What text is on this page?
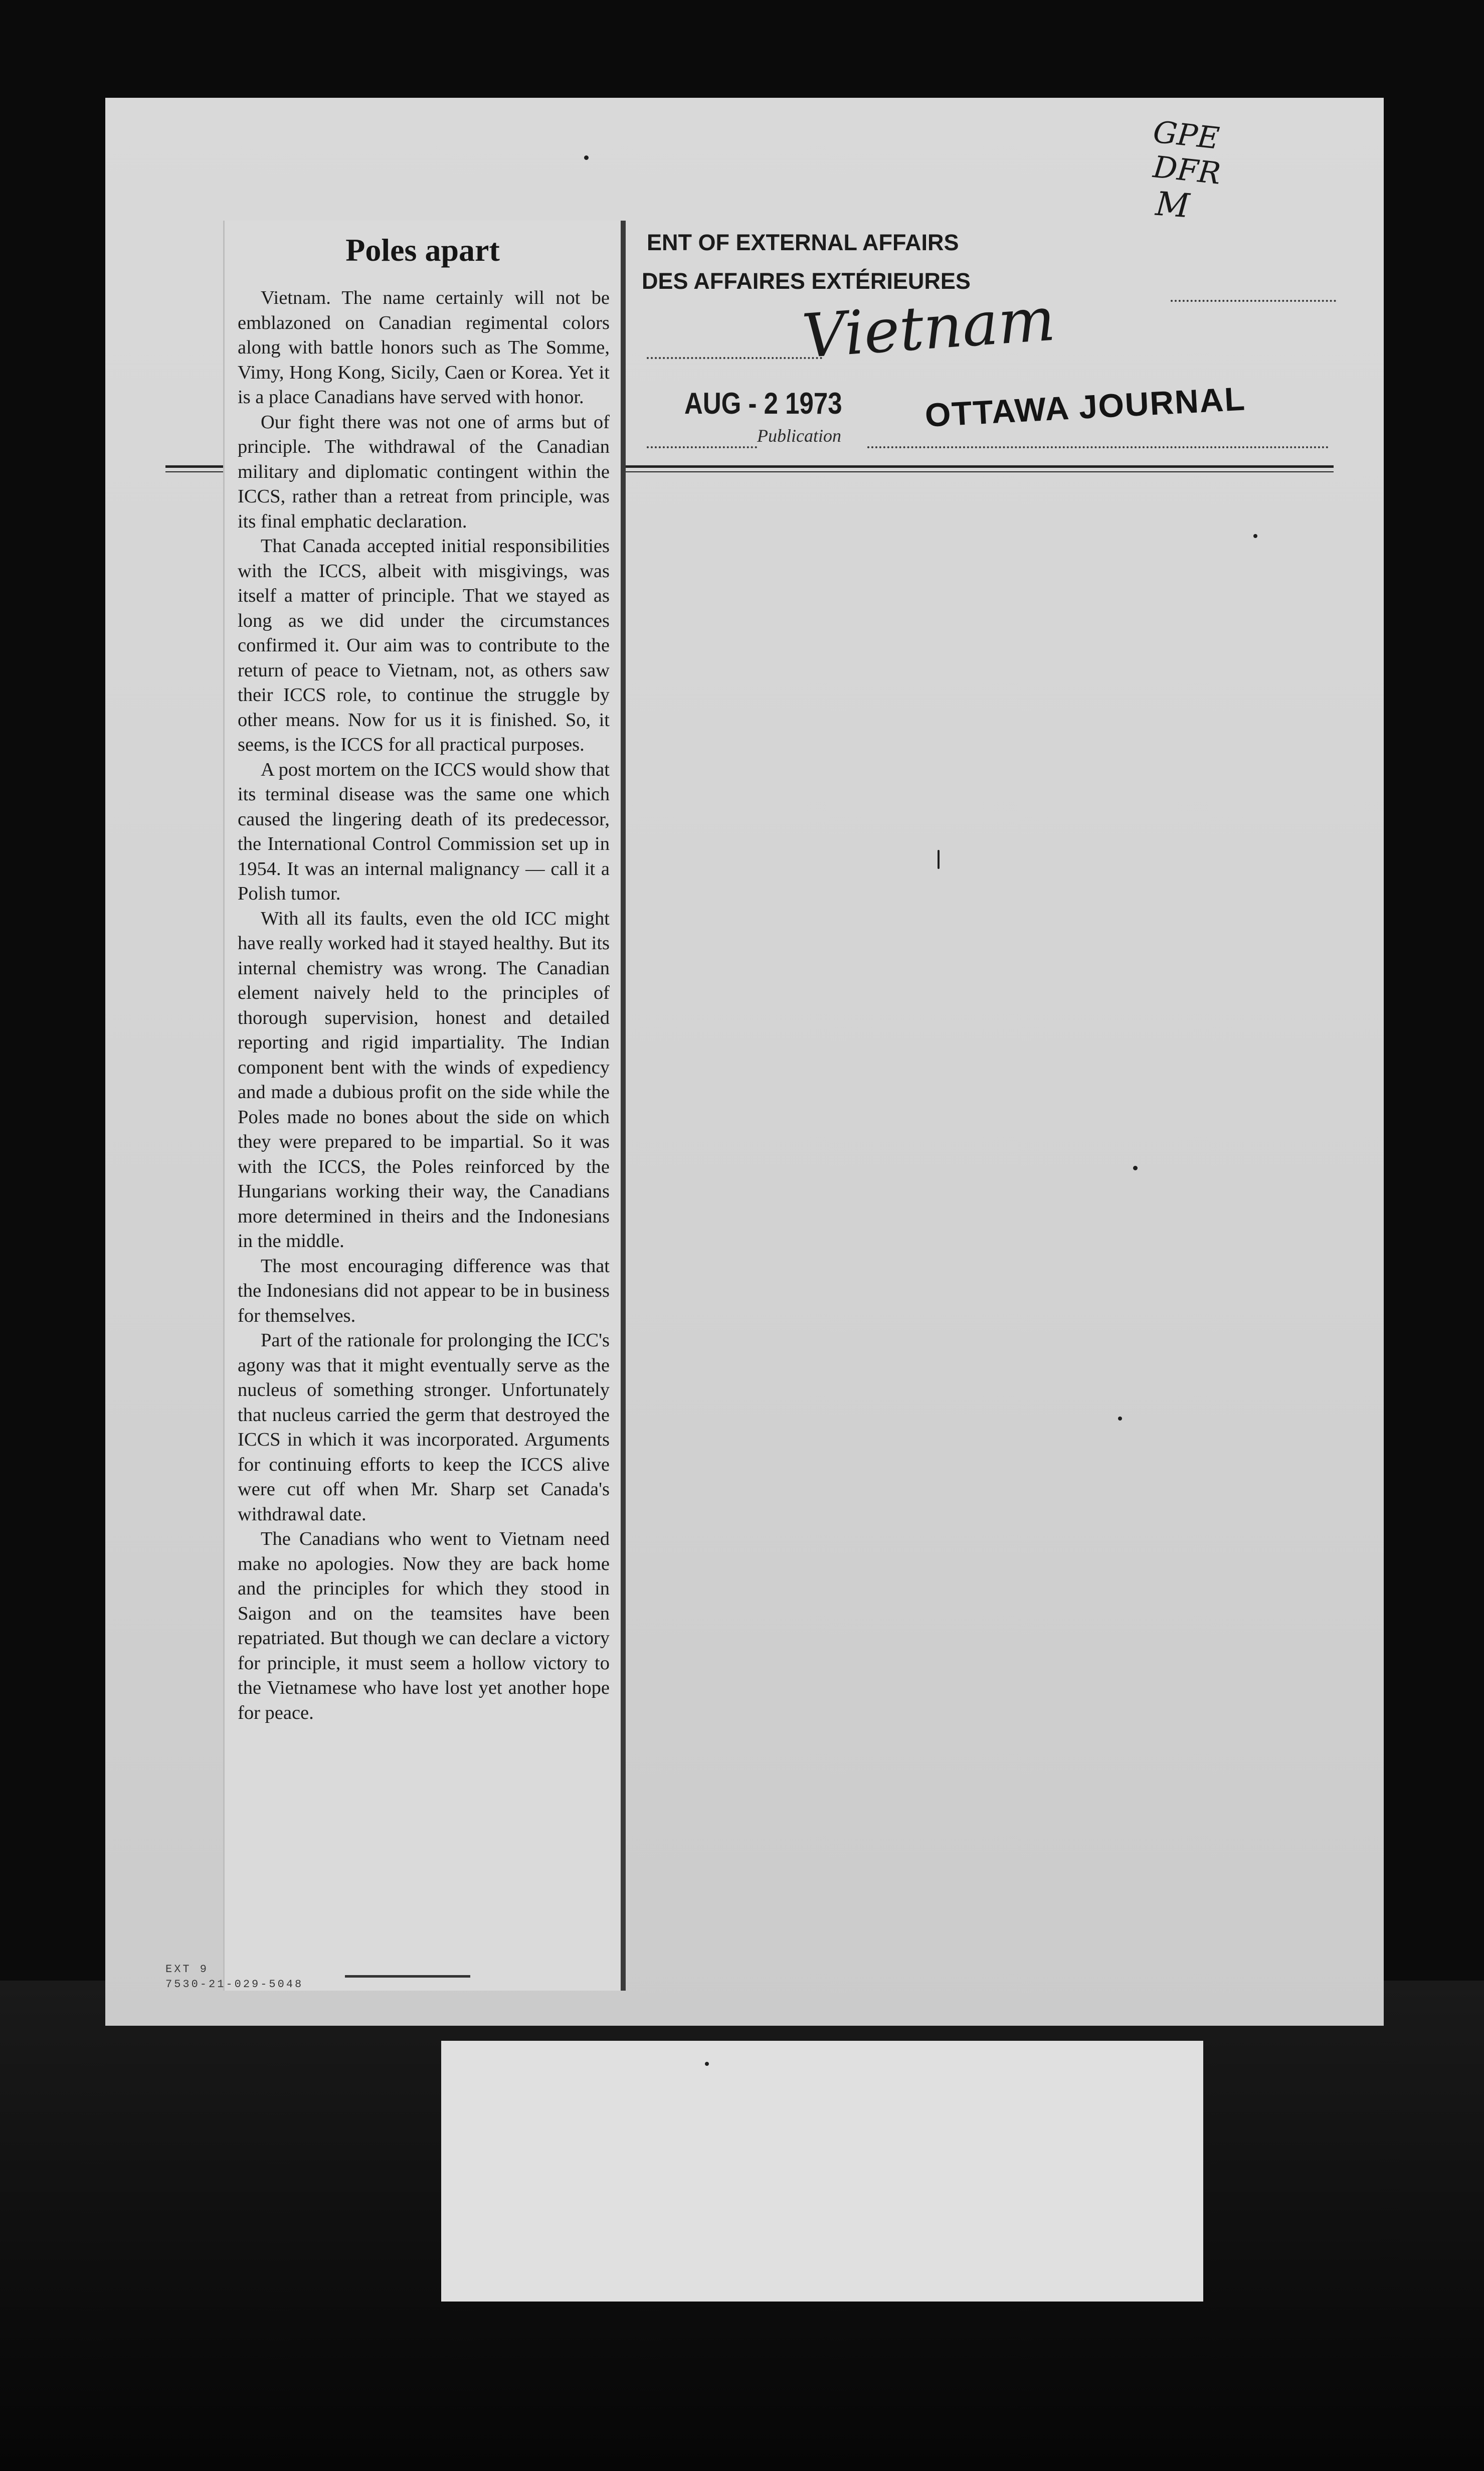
ENT OF EXTERNAL AFFAIRS
DES AFFAIRES EXTÉRIEURES
Vietnam
AUG - 2 1973
Publication
OTTAWA JOURNAL
GPE
DFR
M
Poles apart

Vietnam. The name certainly will not be emblazoned on Canadian regimental colors along with battle honors such as The Somme, Vimy, Hong Kong, Sicily, Caen or Korea. Yet it is a place Canadians have served with honor.

Our fight there was not one of arms but of principle. The withdrawal of the Canadian military and diplomatic contingent within the ICCS, rather than a retreat from principle, was its final emphatic declaration.

That Canada accepted initial responsibilities with the ICCS, albeit with misgivings, was itself a matter of principle. That we stayed as long as we did under the circumstances confirmed it. Our aim was to contribute to the return of peace to Vietnam, not, as others saw their ICCS role, to continue the struggle by other means. Now for us it is finished. So, it seems, is the ICCS for all practical purposes.

A post mortem on the ICCS would show that its terminal disease was the same one which caused the lingering death of its predecessor, the International Control Commission set up in 1954. It was an internal malignancy — call it a Polish tumor.

With all its faults, even the old ICC might have really worked had it stayed healthy. But its internal chemistry was wrong. The Canadian element naively held to the principles of thorough supervision, honest and detailed reporting and rigid impartiality. The Indian component bent with the winds of expediency and made a dubious profit on the side while the Poles made no bones about the side on which they were prepared to be impartial. So it was with the ICCS, the Poles reinforced by the Hungarians working their way, the Canadians more determined in theirs and the Indonesians in the middle.

The most encouraging difference was that the Indonesians did not appear to be in business for themselves.

Part of the rationale for prolonging the ICC's agony was that it might eventually serve as the nucleus of something stronger. Unfortunately that nucleus carried the germ that destroyed the ICCS in which it was incorporated. Arguments for continuing efforts to keep the ICCS alive were cut off when Mr. Sharp set Canada's withdrawal date.

The Canadians who went to Vietnam need make no apologies. Now they are back home and the principles for which they stood in Saigon and on the teamsites have been repatriated. But though we can declare a victory for principle, it must seem a hollow victory to the Vietnamese who have lost yet another hope for peace.

EXT 9
7530-21-029-5048
